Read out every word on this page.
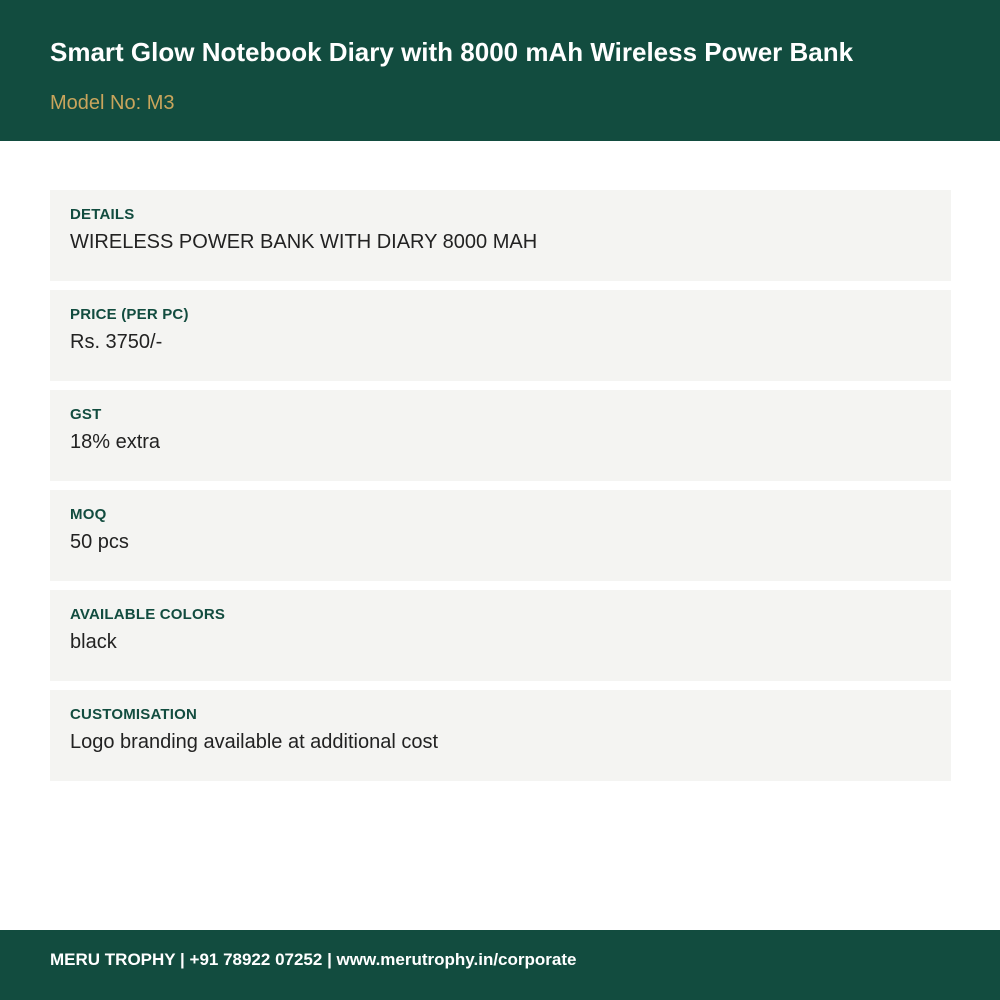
Smart Glow Notebook Diary with 8000 mAh Wireless Power Bank
Model No: M3
DETAILS
WIRELESS POWER BANK WITH DIARY 8000 MAH
PRICE (PER PC)
Rs. 3750/-
GST
18% extra
MOQ
50 pcs
AVAILABLE COLORS
black
CUSTOMISATION
Logo branding available at additional cost
MERU TROPHY | +91 78922 07252 | www.merutrophy.in/corporate
